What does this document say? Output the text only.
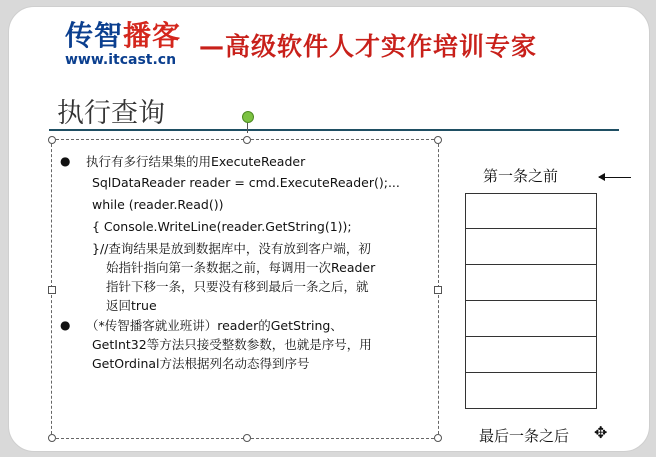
传智播客
www.itcast.cn —高级软件人才实作培训专家
执行查询
● 执行有多行结果集的用ExecuteReader
SqlDataReader reader = cmd.ExecuteReader();...
while (reader.Read())
{ Console.WriteLine(reader.GetString(1));
}//查询结果是放到数据库中，没有放到客户端，初
始指针指向第一条数据之前，每调用一次Reader
指针下移一条，只要没有移到最后一条之后，就
返回true
● （*传智播客就业班讲）reader的GetString、
GetInt32等方法只接受整数参数，也就是序号，用
GetOrdinal方法根据列名动态得到序号
第一条之前
最后一条之后 ✥
